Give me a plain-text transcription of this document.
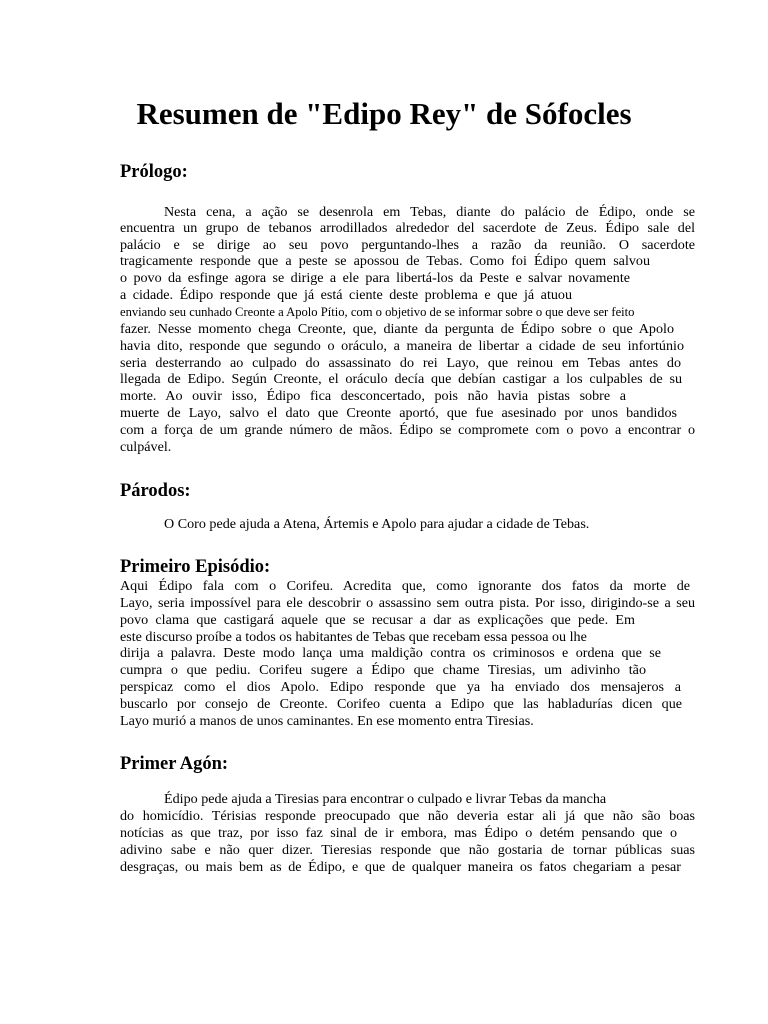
Resumen de "Edipo Rey" de Sófocles
Prólogo:
Nesta cena, a ação se desenrola em Tebas, diante do palácio de Édipo, onde se
encuentra un grupo de tebanos arrodillados alrededor del sacerdote de Zeus. Édipo sale del
palácio e se dirige ao seu povo perguntando-lhes a razão da reunião. O sacerdote
tragicamente responde que a peste se apossou de Tebas. Como foi Édipo quem salvou
o povo da esfinge agora se dirige a ele para libertá-los da Peste e salvar novamente
a cidade. Édipo responde que já está ciente deste problema e que já atuou
enviando seu cunhado Creonte a Apolo Pítio, com o objetivo de se informar sobre o que deve ser feito
fazer. Nesse momento chega Creonte, que, diante da pergunta de Édipo sobre o que Apolo
havia dito, responde que segundo o oráculo, a maneira de libertar a cidade de seu infortúnio
seria desterrando ao culpado do assassinato do rei Layo, que reinou em Tebas antes do
llegada de Edipo. Según Creonte, el oráculo decía que debían castigar a los culpables de su
morte. Ao ouvir isso, Édipo fica desconcertado, pois não havia pistas sobre a
muerte de Layo, salvo el dato que Creonte aportó, que fue asesinado por unos bandidos
com a força de um grande número de mãos. Édipo se compromete com o povo a encontrar o
culpável.
Párodos:
O Coro pede ajuda a Atena, Ártemis e Apolo para ajudar a cidade de Tebas.
Primeiro Episódio:
Aqui Édipo fala com o Corifeu. Acredita que, como ignorante dos fatos da morte de
Layo, seria impossível para ele descobrir o assassino sem outra pista. Por isso, dirigindo-se a seu
povo clama que castigará aquele que se recusar a dar as explicações que pede. Em
este discurso proíbe a todos os habitantes de Tebas que recebam essa pessoa ou lhe
dirija a palavra. Deste modo lança uma maldição contra os criminosos e ordena que se
cumpra o que pediu. Corifeu sugere a Édipo que chame Tiresias, um adivinho tão
perspicaz como el dios Apolo. Edipo responde que ya ha enviado dos mensajeros a
buscarlo por consejo de Creonte. Corifeo cuenta a Edipo que las habladurías dicen que
Layo murió a manos de unos caminantes. En ese momento entra Tiresias.
Primer Agón:
Édipo pede ajuda a Tiresias para encontrar o culpado e livrar Tebas da mancha
do homicídio. Térisias responde preocupado que não deveria estar ali já que não são boas
notícias as que traz, por isso faz sinal de ir embora, mas Édipo o detém pensando que o
adivino sabe e não quer dizer. Tieresias responde que não gostaria de tornar públicas suas
desgraças, ou mais bem as de Édipo, e que de qualquer maneira os fatos chegariam a pesar
